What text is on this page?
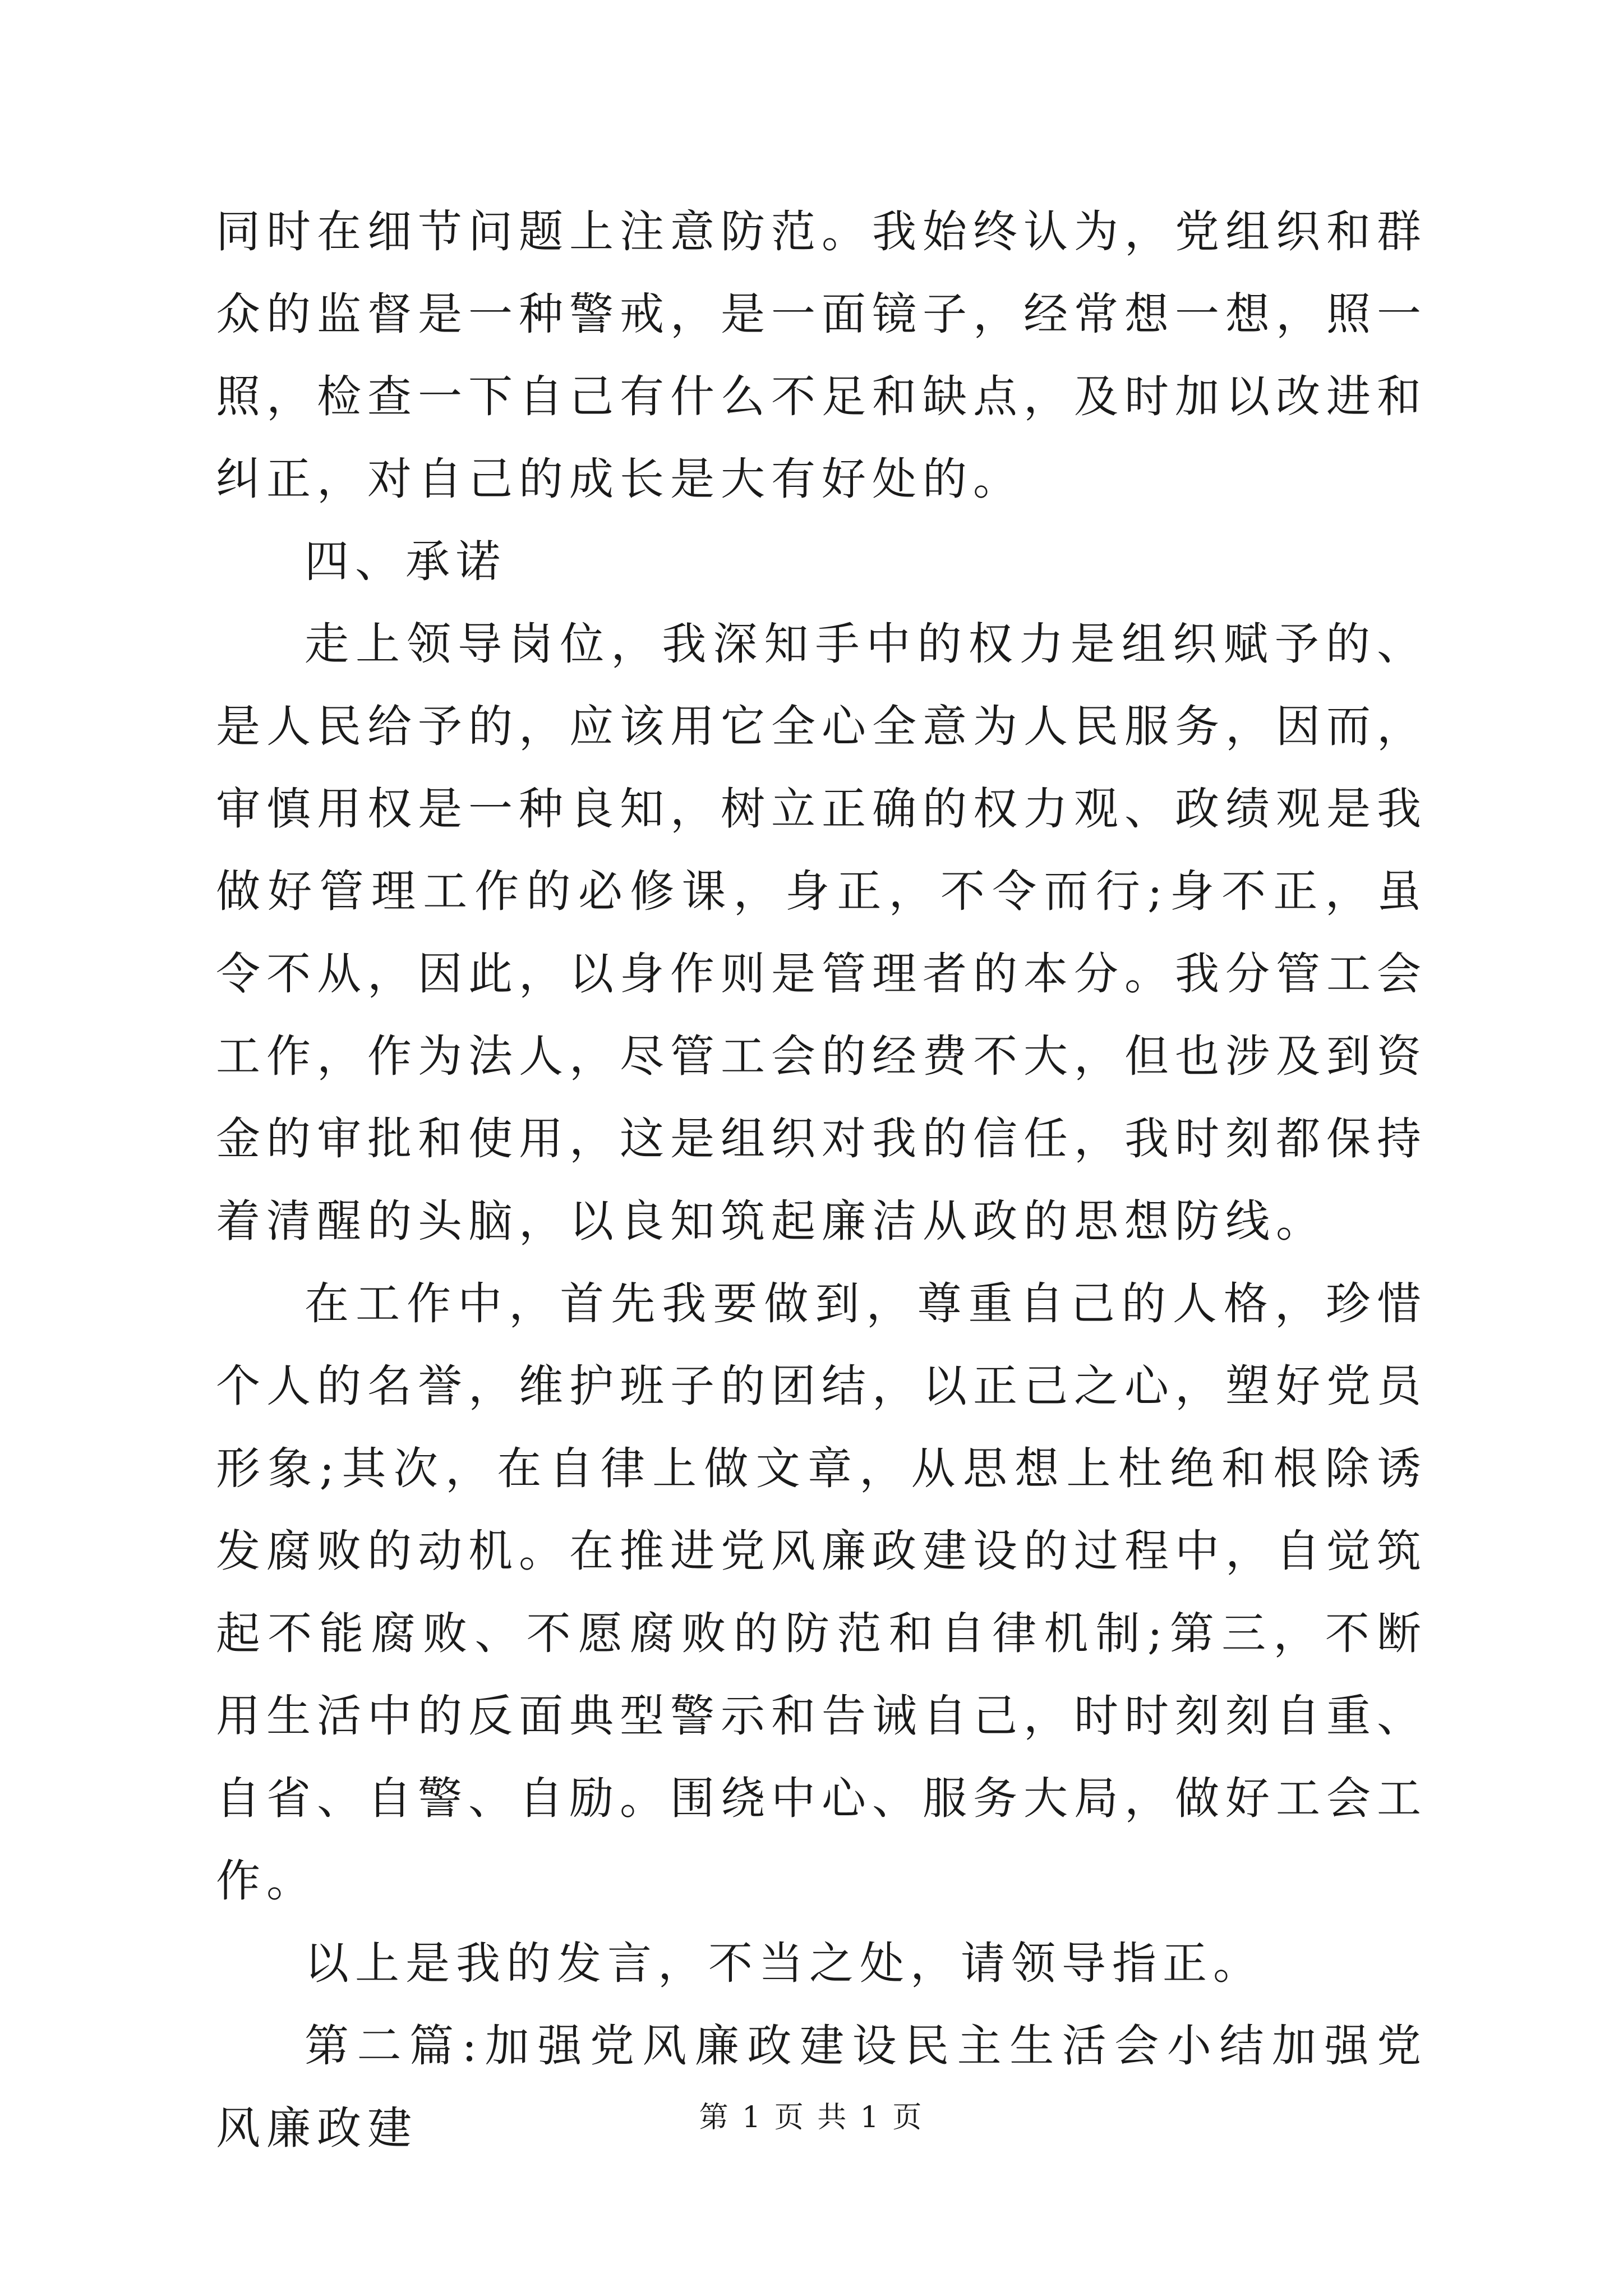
同时在细节问题上注意防范。我始终认为，党组织和群众的监督是一种警戒，是一面镜子，经常想一想，照一照，检查一下自己有什么不足和缺点，及时加以改进和纠正，对自己的成长是大有好处的。

四、承诺

走上领导岗位，我深知手中的权力是组织赋予的、是人民给予的，应该用它全心全意为人民服务，因而，审慎用权是一种良知，树立正确的权力观、政绩观是我做好管理工作的必修课，身正，不令而行;身不正，虽令不从，因此，以身作则是管理者的本分。我分管工会工作，作为法人，尽管工会的经费不大，但也涉及到资金的审批和使用，这是组织对我的信任，我时刻都保持着清醒的头脑，以良知筑起廉洁从政的思想防线。

在工作中，首先我要做到，尊重自己的人格，珍惜个人的名誉，维护班子的团结，以正己之心，塑好党员形象;其次，在自律上做文章，从思想上杜绝和根除诱发腐败的动机。在推进党风廉政建设的过程中，自觉筑起不能腐败、不愿腐败的防范和自律机制;第三，不断用生活中的反面典型警示和告诫自己，时时刻刻自重、自省、自警、自励。围绕中心、服务大局，做好工会工作。

以上是我的发言，不当之处，请领导指正。

第二篇:加强党风廉政建设民主生活会小结加强党风廉政建	第 1 页 共 1 页
